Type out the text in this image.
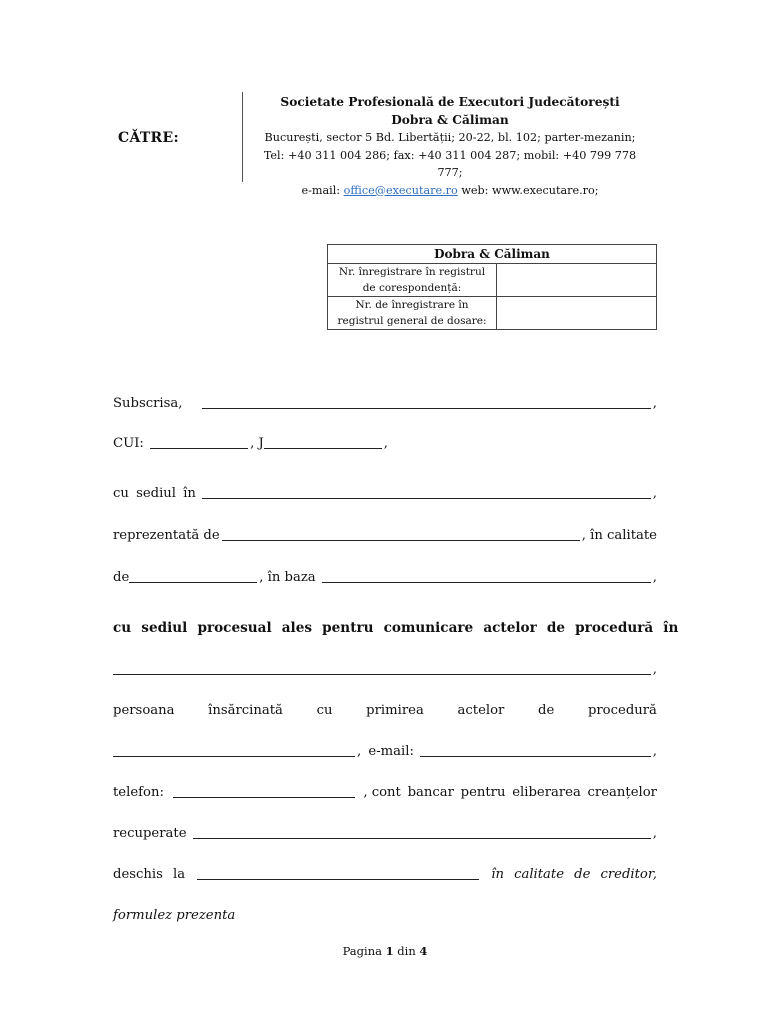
CĂTRE:
Societate Profesională de Executori Judecătorești
Dobra & Căliman
București, sector 5 Bd. Libertății; 20-22, bl. 102; parter-mezanin;
Tel: +40 311 004 286; fax: +40 311 004 287; mobil: +40 799 778 777;
e-mail: office@executare.ro web: www.executare.ro;
Dobra & Căliman	
Nr. înregistrare în registrul de corespondență:	
Nr. de înregistrare în registrul general de dosare:	
Subscrisa,	,
CUI:	, J	,
cu sediul în	,
reprezentată de	, în calitate
de	, în baza	,
cu sediul procesual ales pentru comunicare actelor de procedură în
,
persoana	însărcinată	cu	primirea	actelor	de	procedură
, e-mail:	,
telefon:	, cont bancar pentru eliberarea creanțelor
recuperate	,
deschis la	în calitate de creditor,
formulez prezenta
Pagina 1 din 4
